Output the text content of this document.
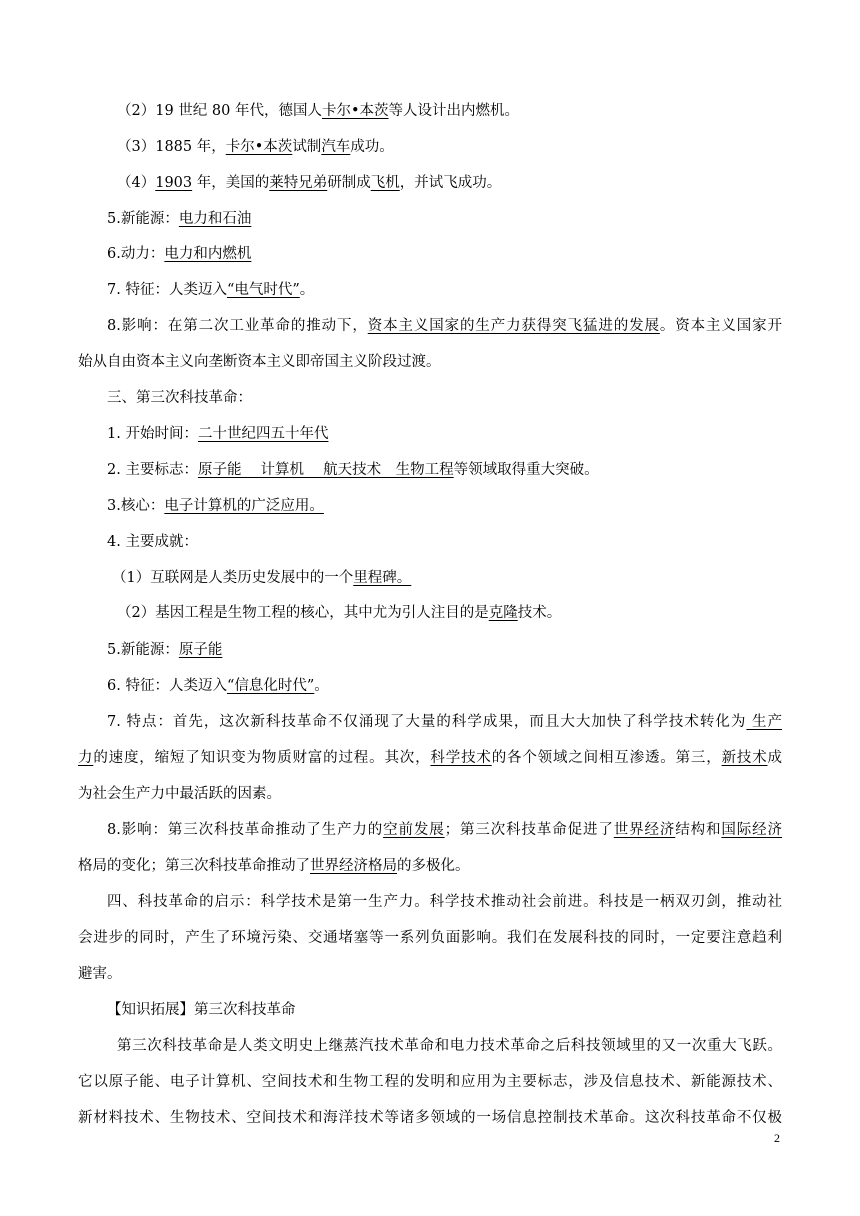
（2）19 世纪 80 年代，德国人卡尔•本茨等人设计出内燃机。
（3）1885 年，卡尔•本茨试制汽车成功。
（4）1903 年，美国的莱特兄弟研制成飞机，并试飞成功。
5.新能源：电力和石油
6.动力：电力和内燃机
7. 特征：人类迈入“电气时代”。
8.影响：在第二次工业革命的推动下，资本主义国家的生产力获得突飞猛进的发展。资本主义国家开
始从自由资本主义向垄断资本主义即帝国主义阶段过渡。
三、第三次科技革命：
1. 开始时间：二十世纪四五十年代
2. 主要标志：原子能　 计算机 　航天技术　生物工程等领域取得重大突破。
3.核心：电子计算机的广泛应用。
4. 主要成就：
（1）互联网是人类历史发展中的一个里程碑。
（2）基因工程是生物工程的核心，其中尤为引人注目的是克隆技术。
5.新能源：原子能
6. 特征：人类迈入“信息化时代”。
7. 特点：首先，这次新科技革命不仅涌现了大量的科学成果，而且大大加快了科学技术转化为 生产
力的速度，缩短了知识变为物质财富的过程。其次，科学技术的各个领域之间相互渗透。第三，新技术成
为社会生产力中最活跃的因素。
8.影响：第三次科技革命推动了生产力的空前发展；第三次科技革命促进了世界经济结构和国际经济
格局的变化；第三次科技革命推动了世界经济格局的多极化。
四、科技革命的启示：科学技术是第一生产力。科学技术推动社会前进。科技是一柄双刃剑，推动社
会进步的同时，产生了环境污染、交通堵塞等一系列负面影响。我们在发展科技的同时，一定要注意趋利
避害。
【知识拓展】第三次科技革命
第三次科技革命是人类文明史上继蒸汽技术革命和电力技术革命之后科技领域里的又一次重大飞跃。
它以原子能、电子计算机、空间技术和生物工程的发明和应用为主要标志，涉及信息技术、新能源技术、
新材料技术、生物技术、空间技术和海洋技术等诸多领域的一场信息控制技术革命。这次科技革命不仅极
2
